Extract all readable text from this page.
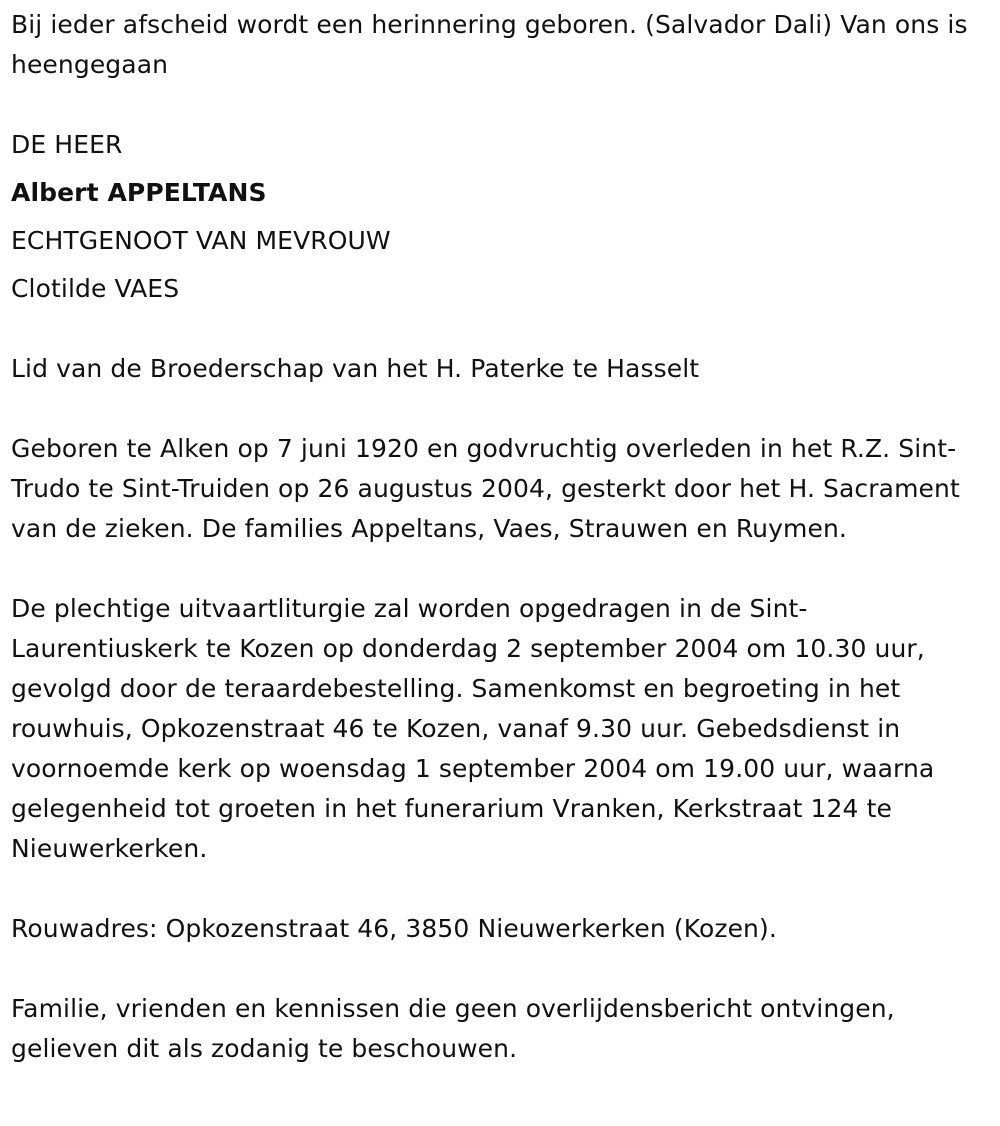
Bij ieder afscheid wordt een herinnering geboren. (Salvador Dali) Van ons is heengegaan

DE HEER

Albert APPELTANS

ECHTGENOOT VAN MEVROUW

Clotilde VAES

Lid van de Broederschap van het H. Paterke te Hasselt

Geboren te Alken op 7 juni 1920 en godvruchtig overleden in het R.Z. Sint-Trudo te Sint-Truiden op 26 augustus 2004, gesterkt door het H. Sacrament van de zieken. De families Appeltans, Vaes, Strauwen en Ruymen.

De plechtige uitvaartliturgie zal worden opgedragen in de Sint-Laurentiuskerk te Kozen op donderdag 2 september 2004 om 10.30 uur, gevolgd door de teraardebestelling. Samenkomst en begroeting in het rouwhuis, Opkozenstraat 46 te Kozen, vanaf 9.30 uur. Gebedsdienst in voornoemde kerk op woensdag 1 september 2004 om 19.00 uur, waarna gelegenheid tot groeten in het funerarium Vranken, Kerkstraat 124 te Nieuwerkerken.

Rouwadres: Opkozenstraat 46, 3850 Nieuwerkerken (Kozen).

Familie, vrienden en kennissen die geen overlijdensbericht ontvingen, gelieven dit als zodanig te beschouwen.
